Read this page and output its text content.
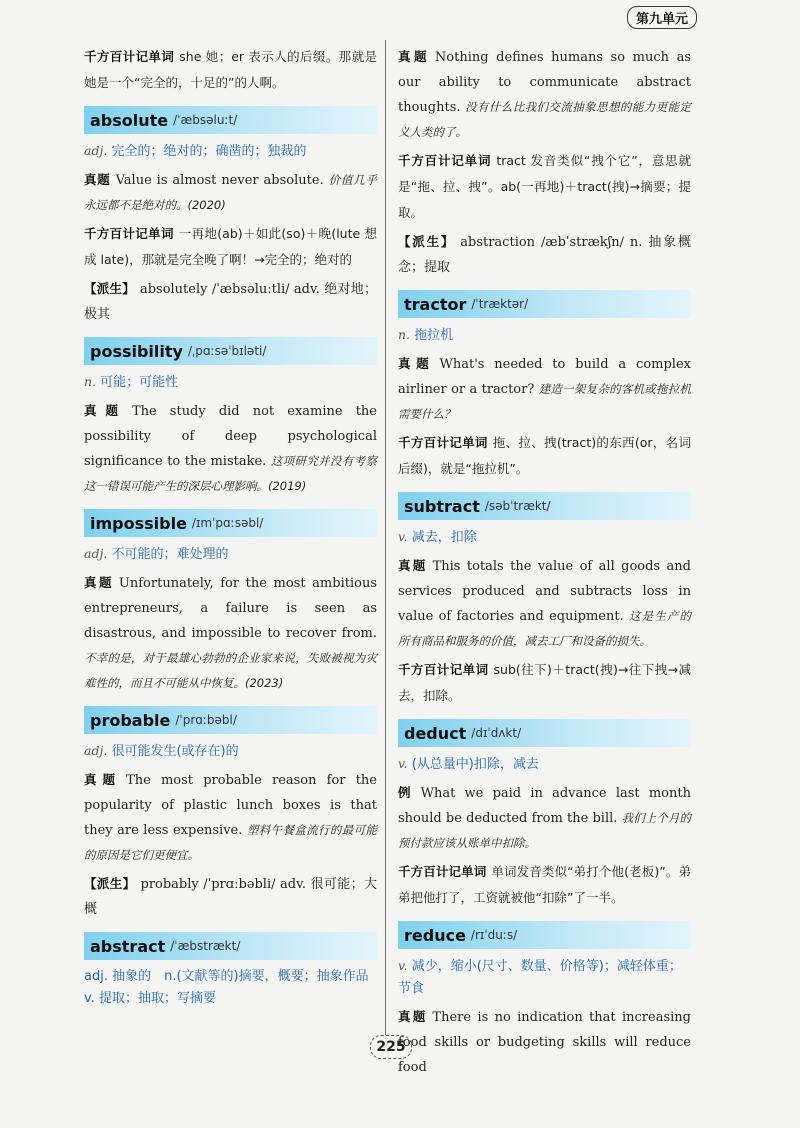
第九单元

千方百计记单词 she 她；er 表示人的后缀。那就是她是一个“完全的，十足的”的人啊。

absolute /ˈæbsəluːt/

adj. 完全的；绝对的；确凿的；独裁的

真题 Value is almost never absolute. 价值几乎永远都不是绝对的。(2020)

千方百计记单词 一再地(ab)＋如此(so)＋晚(lute 想成 late)，那就是完全晚了啊！→完全的；绝对的

【派生】 absolutely /ˈæbsəluːtli/ adv. 绝对地；极其

possibility /ˌpɑːsəˈbɪləti/

n. 可能；可能性

真题 The study did not examine the possibility of deep psychological significance to the mistake. 这项研究并没有考察这一错误可能产生的深层心理影响。(2019)

impossible /ɪmˈpɑːsəbl/

adj. 不可能的；难处理的

真题 Unfortunately, for the most ambitious entrepreneurs, a failure is seen as disastrous, and impossible to recover from. 不幸的是，对于最雄心勃勃的企业家来说，失败被视为灾难性的，而且不可能从中恢复。(2023)

probable /ˈprɑːbəbl/

adj. 很可能发生(或存在)的

真题 The most probable reason for the popularity of plastic lunch boxes is that they are less expensive. 塑料午餐盒流行的最可能的原因是它们更便宜。

【派生】 probably /ˈprɑːbəbli/ adv. 很可能；大概

abstract /ˈæbstrækt/

adj. 抽象的　n.(文献等的)摘要，概要；抽象作品　v. 提取；抽取；写摘要

真题 Nothing defines humans so much as our ability to communicate abstract thoughts. 没有什么比我们交流抽象思想的能力更能定义人类的了。

千方百计记单词 tract 发音类似“拽个它”，意思就是“拖、拉、拽”。ab(一再地)＋tract(拽)→摘要；提取。

【派生】 abstraction /æbˈstrækʃn/ n. 抽象概念；提取

tractor /ˈtræktər/

n. 拖拉机

真题 What's needed to build a complex airliner or a tractor? 建造一架复杂的客机或拖拉机需要什么？

千方百计记单词 拖、拉、拽(tract)的东西(or，名词后缀)，就是“拖拉机”。

subtract /səbˈtrækt/

v. 减去，扣除

真题 This totals the value of all goods and services produced and subtracts loss in value of factories and equipment. 这是生产的所有商品和服务的价值，减去工厂和设备的损失。

千方百计记单词 sub(往下)＋tract(拽)→往下拽→减去，扣除。

deduct /dɪˈdʌkt/

v. (从总量中)扣除，减去

例 What we paid in advance last month should be deducted from the bill. 我们上个月的预付款应该从账单中扣除。

千方百计记单词 单词发音类似“弟打个他(老板)”。弟弟把他打了，工资就被他“扣除”了一半。

reduce /rɪˈduːs/

v. 减少，缩小(尺寸、数量、价格等)；减轻体重；节食

真题 There is no indication that increasing food skills or budgeting skills will reduce food

225
